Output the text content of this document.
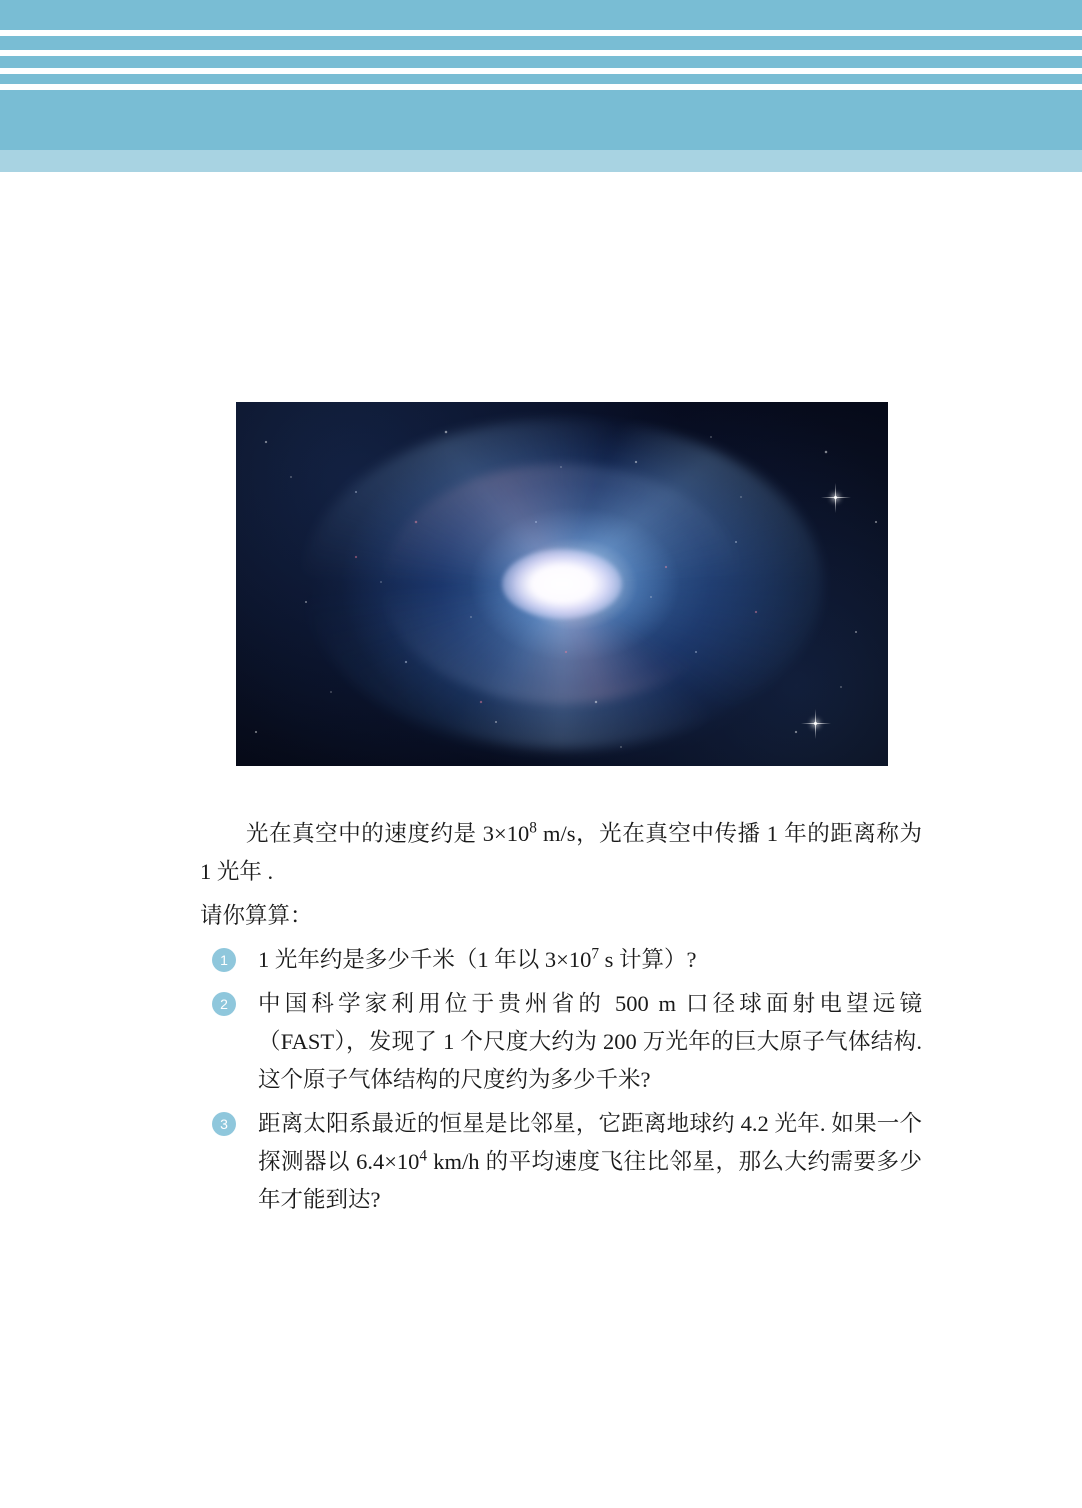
光在真空中的速度约是 $3\times 10^8$ m/s，光在真空中传播 1 年的距离称为 1 光年 .

请你算算：

1	1 光年约是多少千米（1 年以 $3\times 10^7$ s 计算）?
2	中国科学家利用位于贵州省的 500 m 口径球面射电望远镜（FAST），发现了 1 个尺度大约为 200 万光年的巨大原子气体结构. 这个原子气体结构的尺度约为多少千米?
3	距离太阳系最近的恒星是比邻星，它距离地球约 4.2 光年. 如果一个探测器以 $6.4\times 10^4$ km/h 的平均速度飞往比邻星，那么大约需要多少年才能到达?
